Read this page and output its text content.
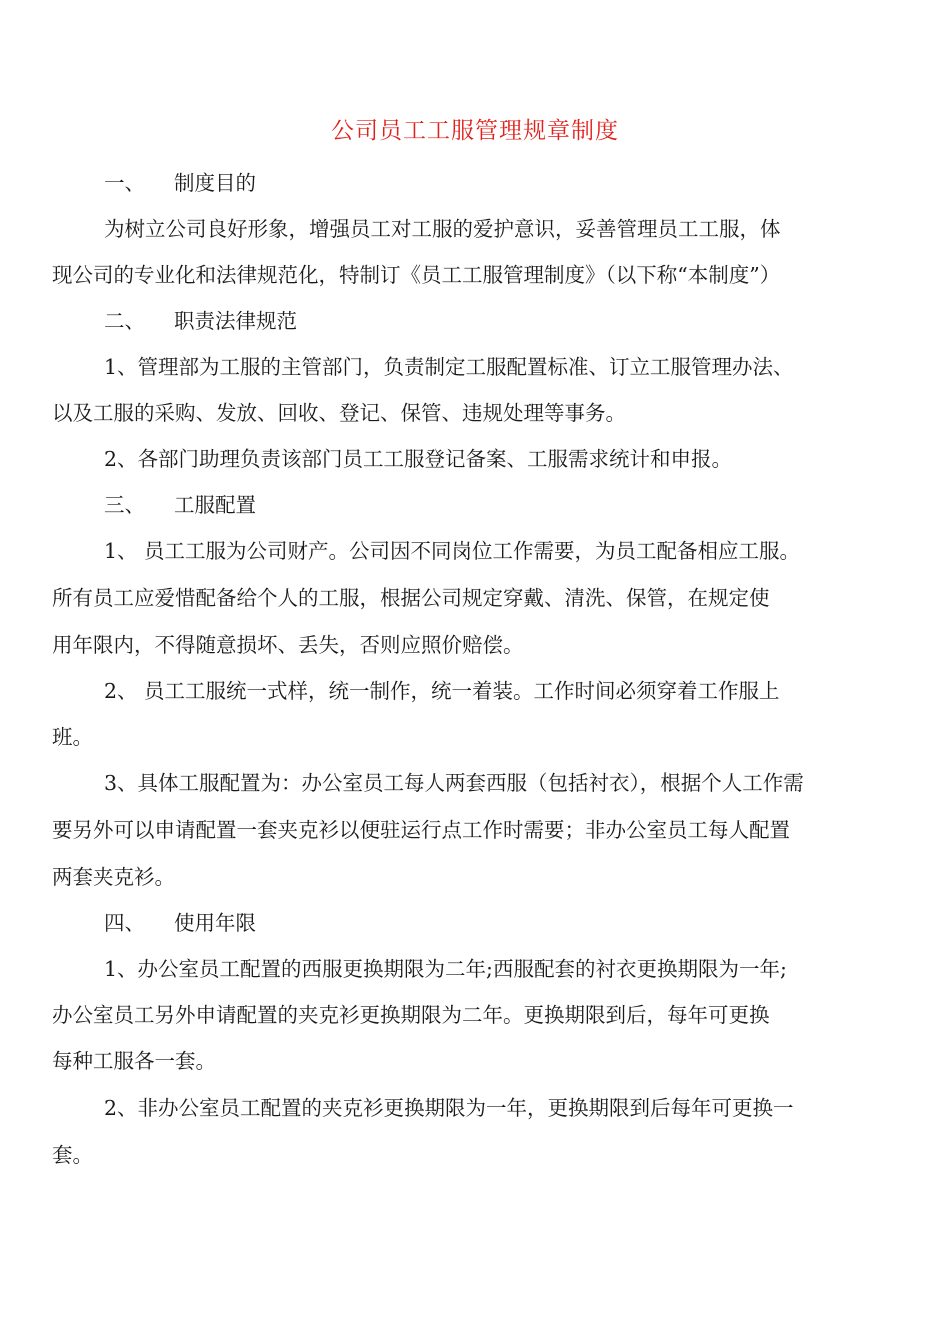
公司员工工服管理规章制度
一、 制度目的
为树立公司良好形象，增强员工对工服的爱护意识，妥善管理员工工服，体
现公司的专业化和法律规范化，特制订《员工工服管理制度》（以下称“本制度”）
二、 职责法律规范
1、管理部为工服的主管部门，负责制定工服配置标准、订立工服管理办法、
以及工服的采购、发放、回收、登记、保管、违规处理等事务。
2、各部门助理负责该部门员工工服登记备案、工服需求统计和申报。
三、 工服配置
1、 员工工服为公司财产。公司因不同岗位工作需要，为员工配备相应工服。
所有员工应爱惜配备给个人的工服，根据公司规定穿戴、清洗、保管，在规定使
用年限内，不得随意损坏、丢失，否则应照价赔偿。
2、 员工工服统一式样，统一制作，统一着装。工作时间必须穿着工作服上
班。
3、具体工服配置为：办公室员工每人两套西服（包括衬衣），根据个人工作需
要另外可以申请配置一套夹克衫以便驻运行点工作时需要；非办公室员工每人配置
两套夹克衫。
四、 使用年限
1、办公室员工配置的西服更换期限为二年;西服配套的衬衣更换期限为一年;
办公室员工另外申请配置的夹克衫更换期限为二年。更换期限到后，每年可更换
每种工服各一套。
2、非办公室员工配置的夹克衫更换期限为一年，更换期限到后每年可更换一
套。
